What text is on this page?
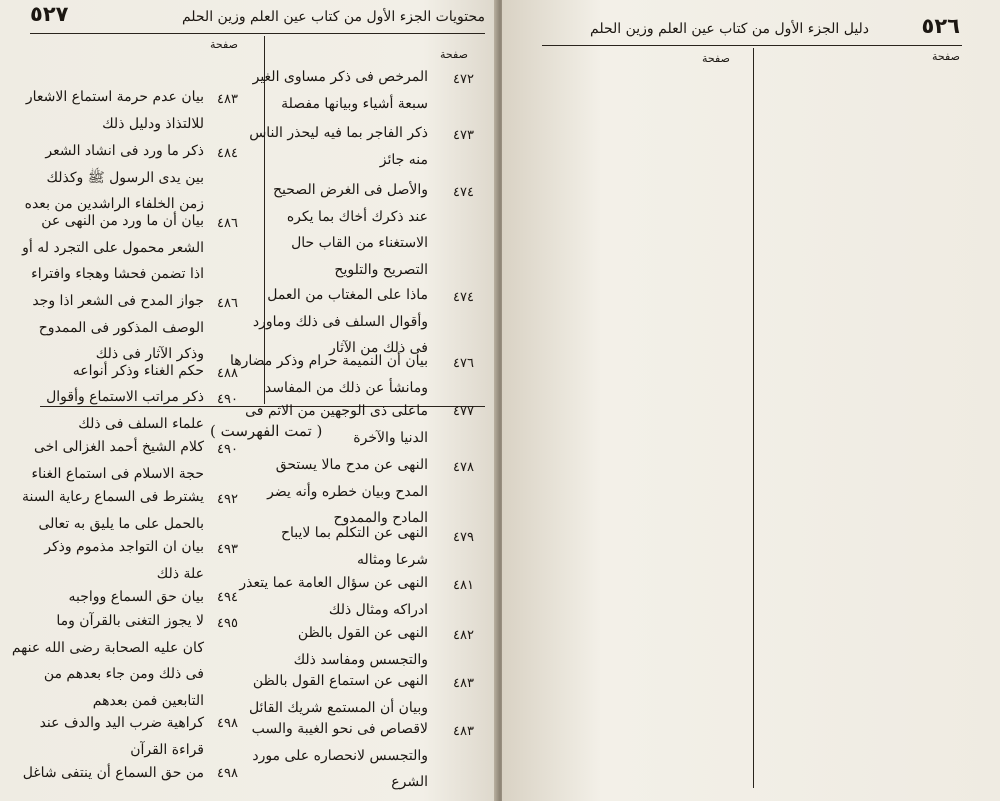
محتويات الجزء الأول من كتاب عين العلم وزين الحلم
٥٢٧
صفحة
صفحة
( تمت الفهرست )
٥٢٦
دليل الجزء الأول من كتاب عين العلم وزين الحلم
صفحة
صفحة
٤٧٢
المرخص فى ذكر مساوى الغير
سبعة أشياء وبيانها مفصلة
٤٧٣
ذكر الفاجر بما فيه ليحذر الناس
منه جائز
٤٧٤
والأصل فى الغرض الصحيح
عند ذكرك أخاك بما يكره
الاستغناء من القاب حال
التصريح والتلويح
٤٧٤
ماذا على المغتاب من العمل
وأقوال السلف فى ذلك وماورد
فى ذلك من الآثار
٤٧٦
بيان أن النميمة حرام وذكر مضارها
ومانشأ عن ذلك من المفاسد
٤٧٧
ماعلى ذى الوجهين من الاثم فى
الدنيا والآخرة
٤٧٨
النهى عن مدح مالا يستحق
المدح وبيان خطره وأنه يضر
المادح والممدوح
٤٧٩
النهى عن التكلم بما لايباح
شرعا ومثاله
٤٨١
النهى عن سؤال العامة عما يتعذر
ادراكه ومثال ذلك
٤٨٢
النهى عن القول بالظن
والتجسس ومفاسد ذلك
٤٨٣
النهى عن استماع القول بالظن
وبيان أن المستمع شريك القائل
٤٨٣
لاقصاص فى نحو الغيبة والسب
والتجسس لانحصاره على مورد
الشرع
٤٨٣
بيان عدم حرمة استماع الاشعار
للالتذاذ ودليل ذلك
٤٨٤
ذكر ما ورد فى انشاد الشعر
بين يدى الرسول ﷺ وكذلك
زمن الخلفاء الراشدين من بعده
٤٨٦
بيان أن ما ورد من النهى عن
الشعر محمول على التجرد له أو
اذا تضمن فحشا وهجاء وافتراء
٤٨٦
جواز المدح فى الشعر اذا وجد
الوصف المذكور فى الممدوح
وذكر الآثار فى ذلك
٤٨٨
حكم الغناء وذكر أنواعه
٤٩٠
ذكر مراتب الاستماع وأقوال
علماء السلف فى ذلك
٤٩٠
كلام الشيخ أحمد الغزالى اخى
حجة الاسلام فى استماع الغناء
٤٩٢
يشترط فى السماع رعاية السنة
بالحمل على ما يليق به تعالى
٤٩٣
بيان ان التواجد مذموم وذكر
علة ذلك
٤٩٤
بيان حق السماع وواجبه
٤٩٥
لا يجوز التغنى بالقرآن وما
كان عليه الصحابة رضى الله عنهم
فى ذلك ومن جاء بعدهم من
التابعين فمن بعدهم
٤٩٨
كراهية ضرب اليد والدف عند
قراءة القرآن
٤٩٨
من حق السماع أن ينتفى شاغل
